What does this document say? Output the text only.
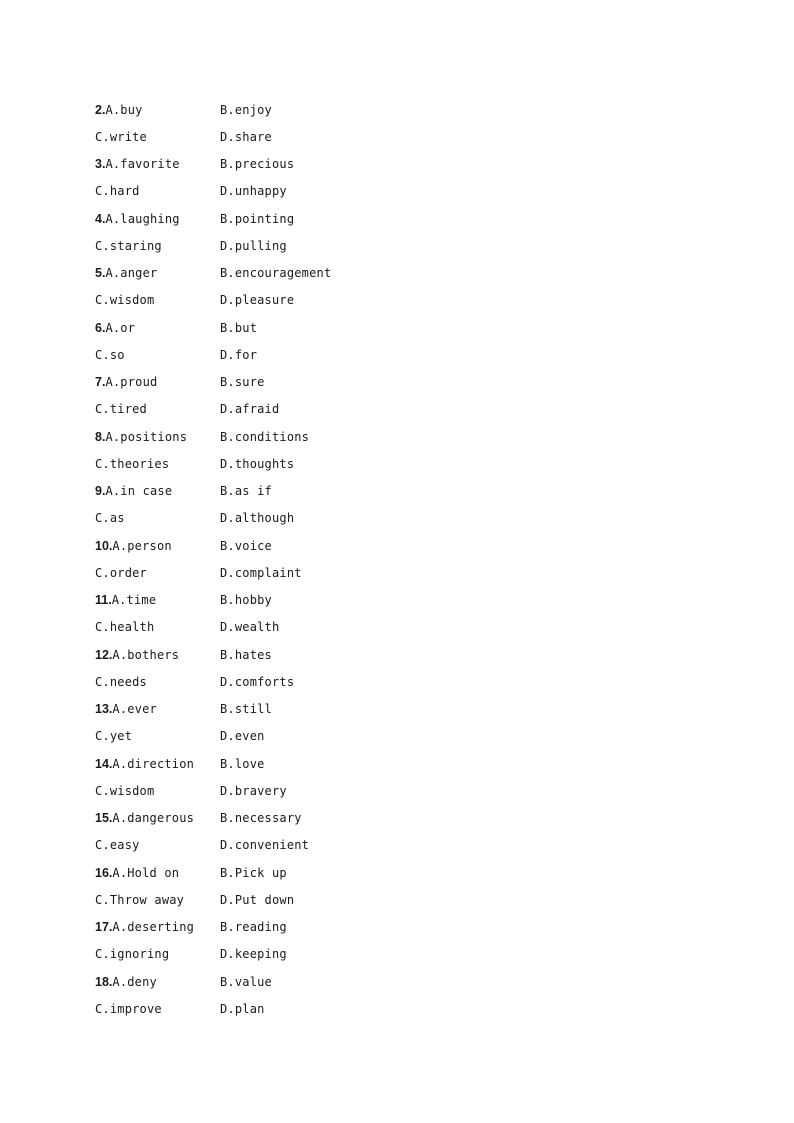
2.A.buy	B.enjoy
C.write	D.share
3.A.favorite	B.precious
C.hard	D.unhappy
4.A.laughing	B.pointing
C.staring	D.pulling
5.A.anger	B.encouragement
C.wisdom	D.pleasure
6.A.or	B.but
C.so	D.for
7.A.proud	B.sure
C.tired	D.afraid
8.A.positions	B.conditions
C.theories	D.thoughts
9.A.in case	B.as if
C.as	D.although
10.A.person	B.voice
C.order	D.complaint
11.A.time	B.hobby
C.health	D.wealth
12.A.bothers	B.hates
C.needs	D.comforts
13.A.ever	B.still
C.yet	D.even
14.A.direction	B.love
C.wisdom	D.bravery
15.A.dangerous	B.necessary
C.easy	D.convenient
16.A.Hold on	B.Pick up
C.Throw away	D.Put down
17.A.deserting	B.reading
C.ignoring	D.keeping
18.A.deny	B.value
C.improve	D.plan
